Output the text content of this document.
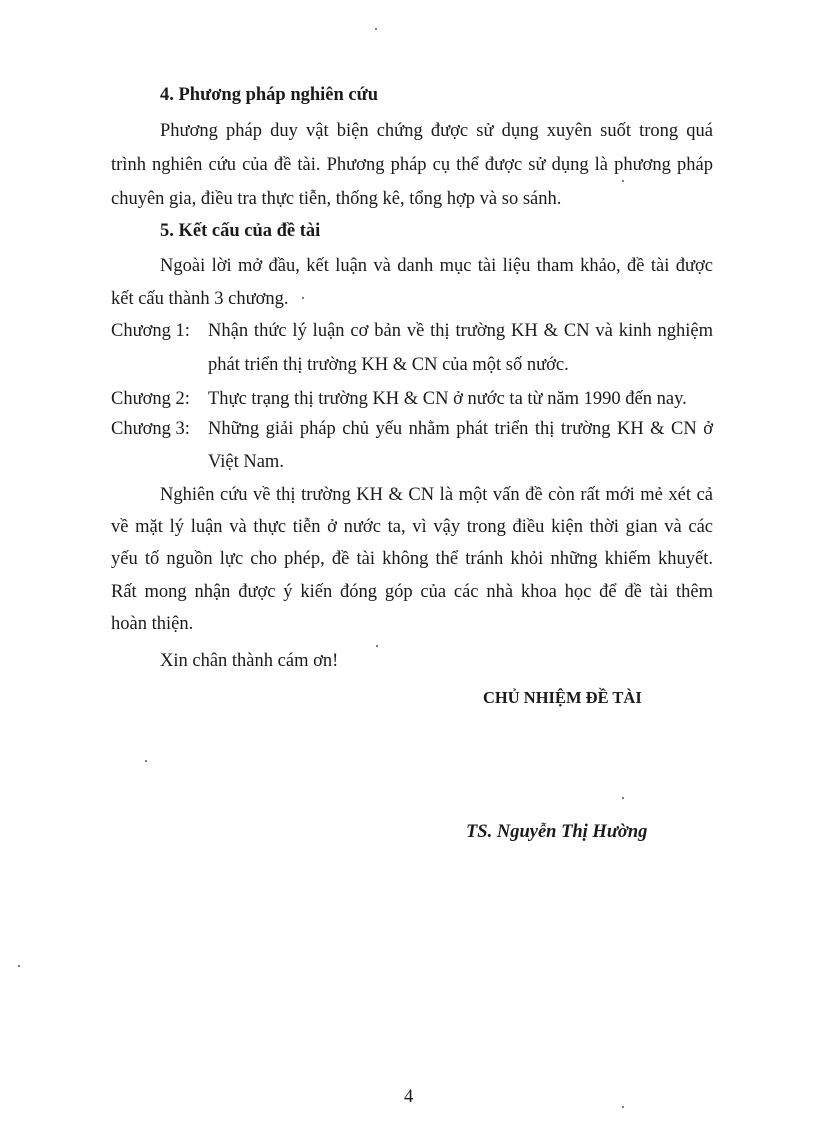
4. Phương pháp nghiên cứu
Phương pháp duy vật biện chứng được sử dụng xuyên suốt trong quá
trình nghiên cứu của đề tài. Phương pháp cụ thể được sử dụng là phương pháp
chuyên gia, điều tra thực tiễn, thống kê, tổng hợp và so sánh.
5. Kết cấu của đề tài
Ngoài lời mở đầu, kết luận và danh mục tài liệu tham khảo, đề tài được
kết cấu thành 3 chương.
Chương 1: Nhận thức lý luận cơ bản về thị trường KH & CN và kinh nghiệm
phát triển thị trường KH & CN của một số nước.
Chương 2: Thực trạng thị trường KH & CN ở nước ta từ năm 1990 đến nay.
Chương 3: Những giải pháp chủ yếu nhằm phát triển thị trường KH & CN ở
Việt Nam.
Nghiên cứu về thị trường KH & CN là một vấn đề còn rất mới mẻ xét cả
về mặt lý luận và thực tiễn ở nước ta, vì vậy trong điều kiện thời gian và các
yếu tố nguồn lực cho phép, đề tài không thể tránh khỏi những khiếm khuyết.
Rất mong nhận được ý kiến đóng góp của các nhà khoa học để đề tài thêm
hoàn thiện.
Xin chân thành cám ơn!
CHỦ NHIỆM ĐỀ TÀI
TS. Nguyễn Thị Hường
4
